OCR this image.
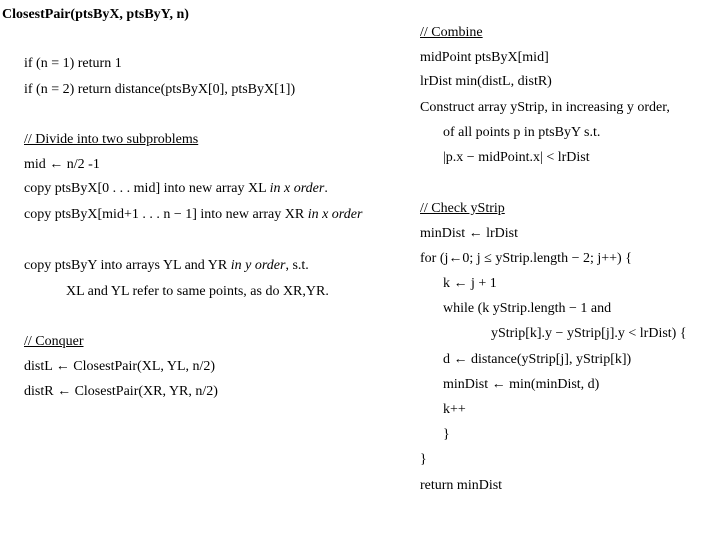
ClosestPair(ptsByX, ptsByY, n)
if (n = 1) return 1
if (n = 2) return distance(ptsByX[0], ptsByX[1])
// Divide into two subproblems
mid ← n/2 -1
copy ptsByX[0 . . . mid] into new array XL in x order.
copy ptsByX[mid+1 . . . n − 1] into new array XR in x order
copy ptsByY into arrays YL and YR in y order, s.t.
XL and YL refer to same points, as do XR,YR.
// Conquer
distL ← ClosestPair(XL, YL, n/2)
distR ← ClosestPair(XR, YR, n/2)
// Combine
midPoint ptsByX[mid]
lrDist min(distL, distR)
Construct array yStrip, in increasing y order,
of all points p in ptsByY s.t.
|p.x − midPoint.x| < lrDist
// Check yStrip
minDist ← lrDist
for (j←0; j ≤ yStrip.length − 2; j++) {
k ← j + 1
while (k yStrip.length − 1 and
yStrip[k].y − yStrip[j].y < lrDist) {
d ← distance(yStrip[j], yStrip[k])
minDist ← min(minDist, d)
k++
}
}
return minDist
